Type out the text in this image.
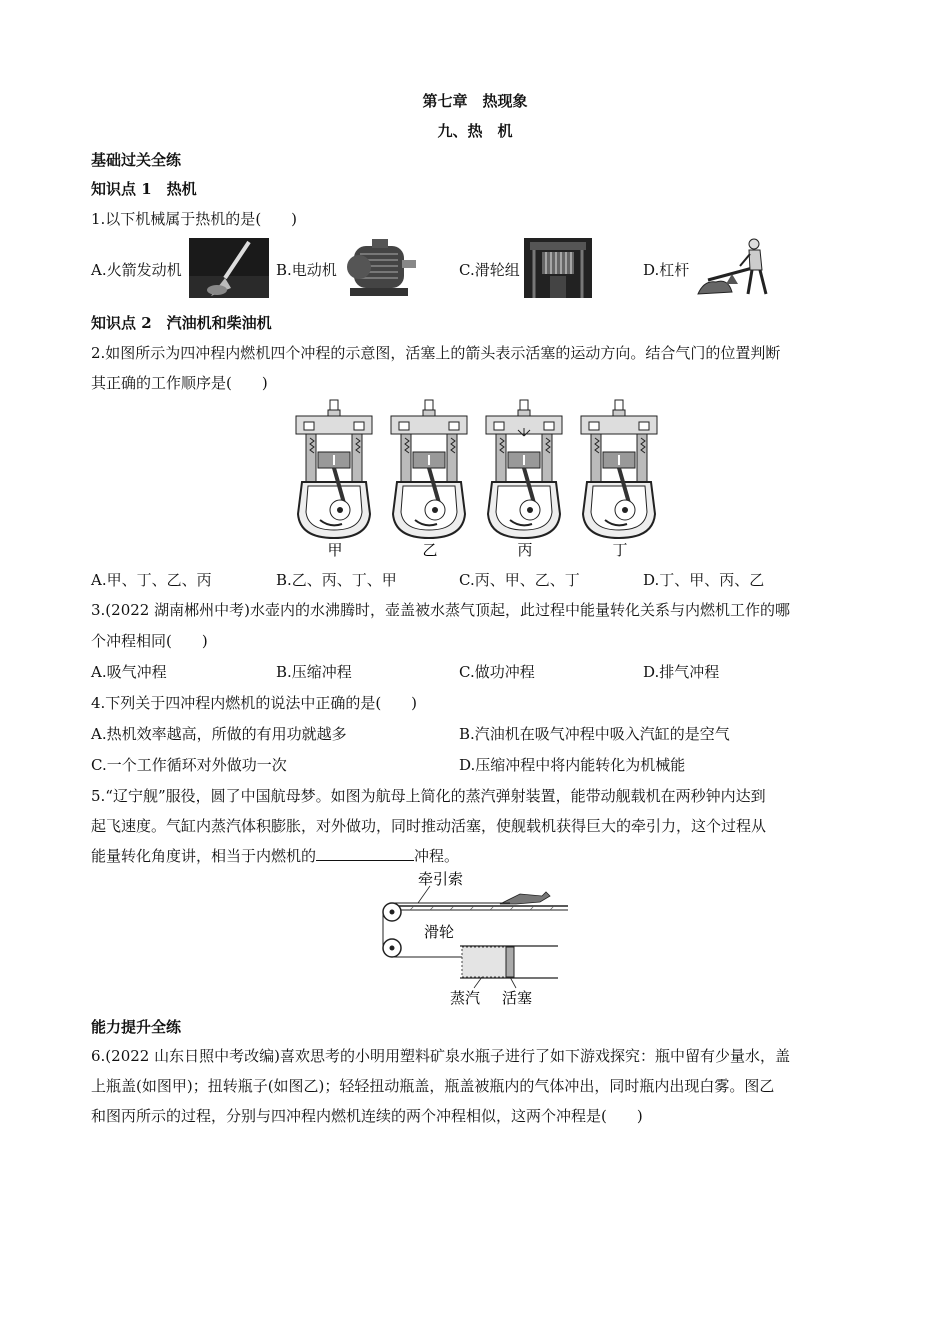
第七章　热现象
九、热　机
基础过关全练
知识点 1　热机
1.以下机械属于热机的是(　　)
A.火箭发动机	B.电动机	C.滑轮组	D.杠杆
知识点 2　汽油机和柴油机
2.如图所示为四冲程内燃机四个冲程的示意图，活塞上的箭头表示活塞的运动方向。结合气门的位置判断
其正确的工作顺序是(　　)
甲	乙	丙	丁
A.甲、丁、乙、丙	B.乙、丙、丁、甲	C.丙、甲、乙、丁	D.丁、甲、丙、乙
3.(2022 湖南郴州中考)水壶内的水沸腾时，壶盖被水蒸气顶起，此过程中能量转化关系与内燃机工作的哪
个冲程相同(　　)
A.吸气冲程	B.压缩冲程	C.做功冲程	D.排气冲程
4.下列关于四冲程内燃机的说法中正确的是(　　)
A.热机效率越高，所做的有用功就越多	B.汽油机在吸气冲程中吸入汽缸的是空气
C.一个工作循环对外做功一次	D.压缩冲程中将内能转化为机械能
5.“辽宁舰”服役，圆了中国航母梦。如图为航母上简化的蒸汽弹射装置，能带动舰载机在两秒钟内达到
起飞速度。气缸内蒸汽体积膨胀，对外做功，同时推动活塞，使舰载机获得巨大的牵引力，这个过程从
能量转化角度讲，相当于内燃机的	冲程。
牵引索
滑轮
蒸汽 活塞
能力提升全练
6.(2022 山东日照中考改编)喜欢思考的小明用塑料矿泉水瓶子进行了如下游戏探究：瓶中留有少量水，盖
上瓶盖(如图甲)；扭转瓶子(如图乙)；轻轻扭动瓶盖，瓶盖被瓶内的气体冲出，同时瓶内出现白雾。图乙
和图丙所示的过程，分别与四冲程内燃机连续的两个冲程相似，这两个冲程是(　　)
